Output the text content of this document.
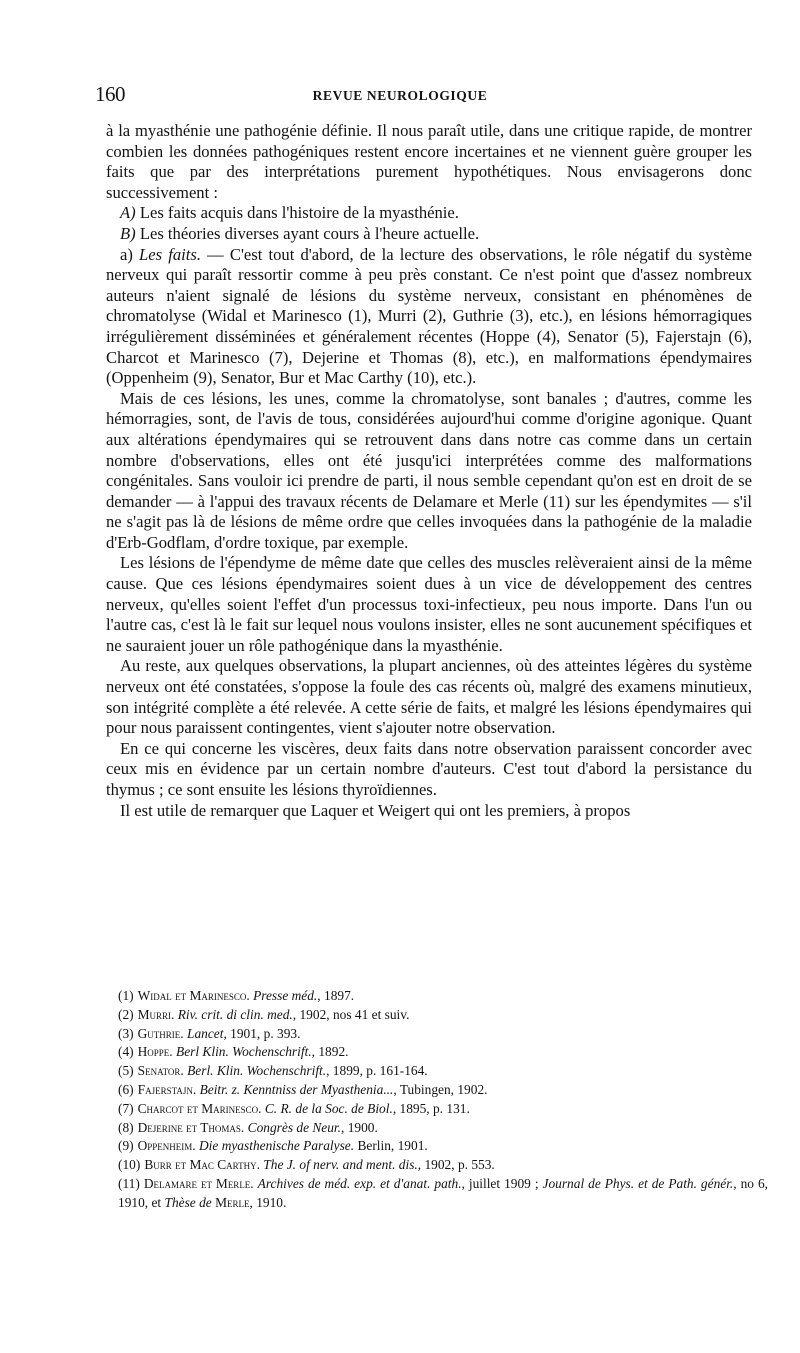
160	REVUE NEUROLOGIQUE

à la myasthénie une pathogénie définie. Il nous paraît utile, dans une critique rapide, de montrer combien les données pathogéniques restent encore incertaines et ne viennent guère grouper les faits que par des interprétations purement hypothétiques. Nous envisagerons donc successivement :

A) Les faits acquis dans l'histoire de la myasthénie.

B) Les théories diverses ayant cours à l'heure actuelle.

a) Les faits. — C'est tout d'abord, de la lecture des observations, le rôle négatif du système nerveux qui paraît ressortir comme à peu près constant. Ce n'est point que d'assez nombreux auteurs n'aient signalé de lésions du système nerveux, consistant en phénomènes de chromatolyse (Widal et Marinesco (1), Murri (2), Guthrie (3), etc.), en lésions hémorragiques irrégulièrement disséminées et généralement récentes (Hoppe (4), Senator (5), Fajerstajn (6), Charcot et Marinesco (7), Dejerine et Thomas (8), etc.), en malformations épendymaires (Oppenheim (9), Senator, Bur et Mac Carthy (10), etc.).

Mais de ces lésions, les unes, comme la chromatolyse, sont banales ; d'autres, comme les hémorragies, sont, de l'avis de tous, considérées aujourd'hui comme d'origine agonique. Quant aux altérations épendymaires qui se retrouvent dans dans notre cas comme dans un certain nombre d'observations, elles ont été jusqu'ici interprétées comme des malformations congénitales. Sans vouloir ici prendre de parti, il nous semble cependant qu'on est en droit de se demander — à l'appui des travaux récents de Delamare et Merle (11) sur les épendymites — s'il ne s'agit pas là de lésions de même ordre que celles invoquées dans la pathogénie de la maladie d'Erb-Godflam, d'ordre toxique, par exemple.

Les lésions de l'épendyme de même date que celles des muscles relèveraient ainsi de la même cause. Que ces lésions épendymaires soient dues à un vice de développement des centres nerveux, qu'elles soient l'effet d'un processus toxi-infectieux, peu nous importe. Dans l'un ou l'autre cas, c'est là le fait sur lequel nous voulons insister, elles ne sont aucunement spécifiques et ne sauraient jouer un rôle pathogénique dans la myasthénie.

Au reste, aux quelques observations, la plupart anciennes, où des atteintes légères du système nerveux ont été constatées, s'oppose la foule des cas récents où, malgré des examens minutieux, son intégrité complète a été relevée. A cette série de faits, et malgré les lésions épendymaires qui pour nous paraissent contingentes, vient s'ajouter notre observation.

En ce qui concerne les viscères, deux faits dans notre observation paraissent concorder avec ceux mis en évidence par un certain nombre d'auteurs. C'est tout d'abord la persistance du thymus ; ce sont ensuite les lésions thyroïdiennes.

Il est utile de remarquer que Laquer et Weigert qui ont les premiers, à propos

(1) Widal et Marinesco. Presse méd., 1897.
(2) Murri. Riv. crit. di clin. med., 1902, nos 41 et suiv.
(3) Guthrie. Lancet, 1901, p. 393.
(4) Hoppe. Berl Klin. Wochenschrift., 1892.
(5) Senator. Berl. Klin. Wochenschrift., 1899, p. 161-164.
(6) Fajerstajn. Beitr. z. Kenntniss der Myasthenia..., Tubingen, 1902.
(7) Charcot et Marinesco. C. R. de la Soc. de Biol., 1895, p. 131.
(8) Dejerine et Thomas. Congrès de Neur., 1900.
(9) Oppenheim. Die myasthenische Paralyse. Berlin, 1901.
(10) Burr et Mac Carthy. The J. of nerv. and ment. dis., 1902, p. 553.
(11) Delamare et Merle. Archives de méd. exp. et d'anat. path., juillet 1909 ; Journal de Phys. et de Path. génér., no 6, 1910, et Thèse de Merle, 1910.
